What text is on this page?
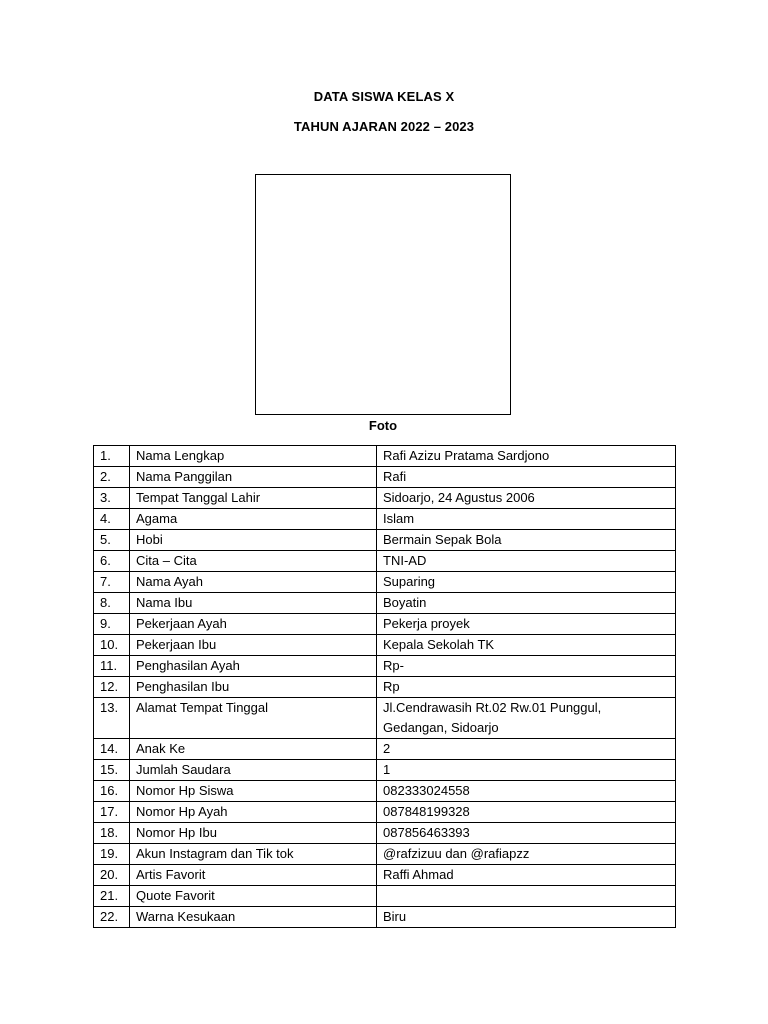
DATA SISWA KELAS X
TAHUN AJARAN 2022 – 2023
Foto
1.	Nama Lengkap	Rafi Azizu Pratama Sardjono
2.	Nama Panggilan	Rafi
3.	Tempat Tanggal Lahir	Sidoarjo, 24 Agustus 2006
4.	Agama	Islam
5.	Hobi	Bermain Sepak Bola
6.	Cita – Cita	TNI-AD
7.	Nama Ayah	Suparing
8.	Nama Ibu	Boyatin
9.	Pekerjaan Ayah	Pekerja proyek
10.	Pekerjaan Ibu	Kepala Sekolah TK
11.	Penghasilan Ayah	Rp-
12.	Penghasilan Ibu	Rp
13.	Alamat Tempat Tinggal	Jl.Cendrawasih Rt.02 Rw.01 Punggul, Gedangan, Sidoarjo
14.	Anak Ke	2
15.	Jumlah Saudara	1
16.	Nomor Hp Siswa	082333024558
17.	Nomor Hp Ayah	087848199328
18.	Nomor Hp Ibu	087856463393
19.	Akun Instagram dan Tik tok	@rafzizuu dan @rafiapzz
20.	Artis Favorit	Raffi Ahmad
21.	Quote Favorit	
22.	Warna Kesukaan	Biru
